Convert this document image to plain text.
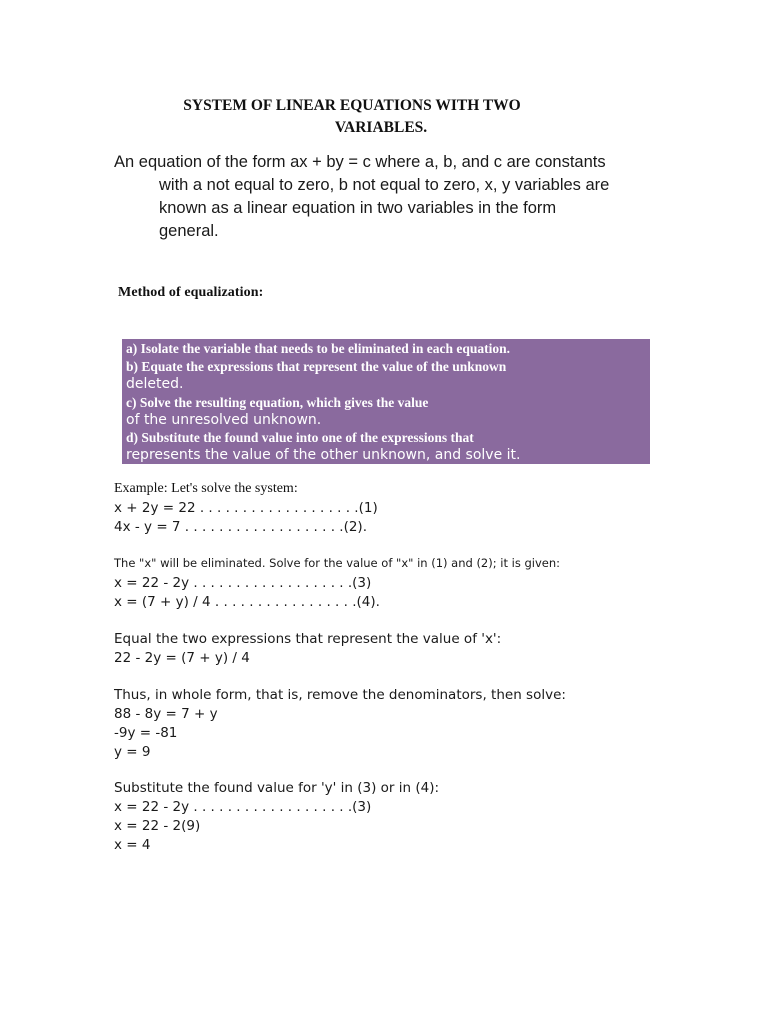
SYSTEM OF LINEAR EQUATIONS WITH TWO
VARIABLES.
An equation of the form ax + by = c where a, b, and c are constants
with a not equal to zero, b not equal to zero, x, y variables are
known as a linear equation in two variables in the form
general.
Method of equalization:
a) Isolate the variable that needs to be eliminated in each equation.
b) Equate the expressions that represent the value of the unknown
deleted.
c) Solve the resulting equation, which gives the value
of the unresolved unknown.
d) Substitute the found value into one of the expressions that
represents the value of the other unknown, and solve it.
Example: Let's solve the system:
x + 2y = 22 . . . . . . . . . . . . . . . . . . .(1)
4x - y = 7 . . . . . . . . . . . . . . . . . . .(2).
The "x" will be eliminated. Solve for the value of "x" in (1) and (2); it is given:
x = 22 - 2y . . . . . . . . . . . . . . . . . . .(3)
x = (7 + y) / 4 . . . . . . . . . . . . . . . . .(4).
Equal the two expressions that represent the value of 'x':
22 - 2y = (7 + y) / 4
Thus, in whole form, that is, remove the denominators, then solve:
88 - 8y = 7 + y
-9y = -81
y = 9
Substitute the found value for 'y' in (3) or in (4):
x = 22 - 2y . . . . . . . . . . . . . . . . . . .(3)
x = 22 - 2(9)
x = 4
